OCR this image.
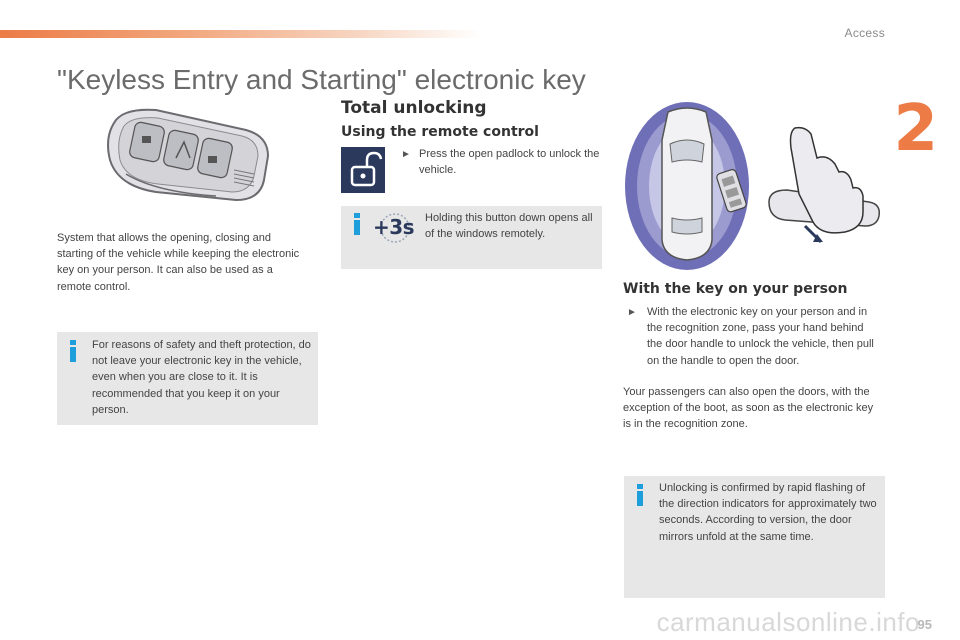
Access
2
"Keyless Entry and Starting" electronic key
System that allows the opening, closing and starting of the vehicle while keeping the electronic key on your person. It can also be used as a remote control.
For reasons of safety and theft protection, do not leave your electronic key in the vehicle, even when you are close to it. It is recommended that you keep it on your person.
Total unlocking
Using the remote control
► Press the open padlock to unlock the vehicle.
+3s Holding this button down opens all of the windows remotely.
With the key on your person
► With the electronic key on your person and in the recognition zone, pass your hand behind the door handle to unlock the vehicle, then pull on the handle to open the door.
Your passengers can also open the doors, with the exception of the boot, as soon as the electronic key is in the recognition zone.
Unlocking is confirmed by rapid flashing of the direction indicators for approximately two seconds. According to version, the door mirrors unfold at the same time.
carmanualsonline.info
95
